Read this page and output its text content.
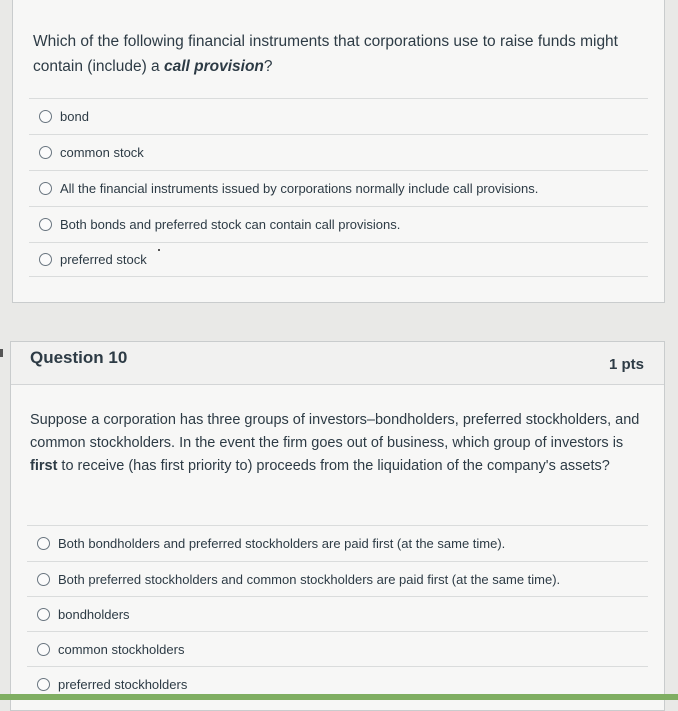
Which of the following financial instruments that corporations use to raise funds might contain (include) a call provision?
bond
common stock
All the financial instruments issued by corporations normally include call provisions.
Both bonds and preferred stock can contain call provisions.
preferred stock
Question 10	1 pts
Suppose a corporation has three groups of investors–bondholders, preferred stockholders, and common stockholders. In the event the firm goes out of business, which group of investors is first to receive (has first priority to) proceeds from the liquidation of the company's assets?
Both bondholders and preferred stockholders are paid first (at the same time).
Both preferred stockholders and common stockholders are paid first (at the same time).
bondholders
common stockholders
preferred stockholders
